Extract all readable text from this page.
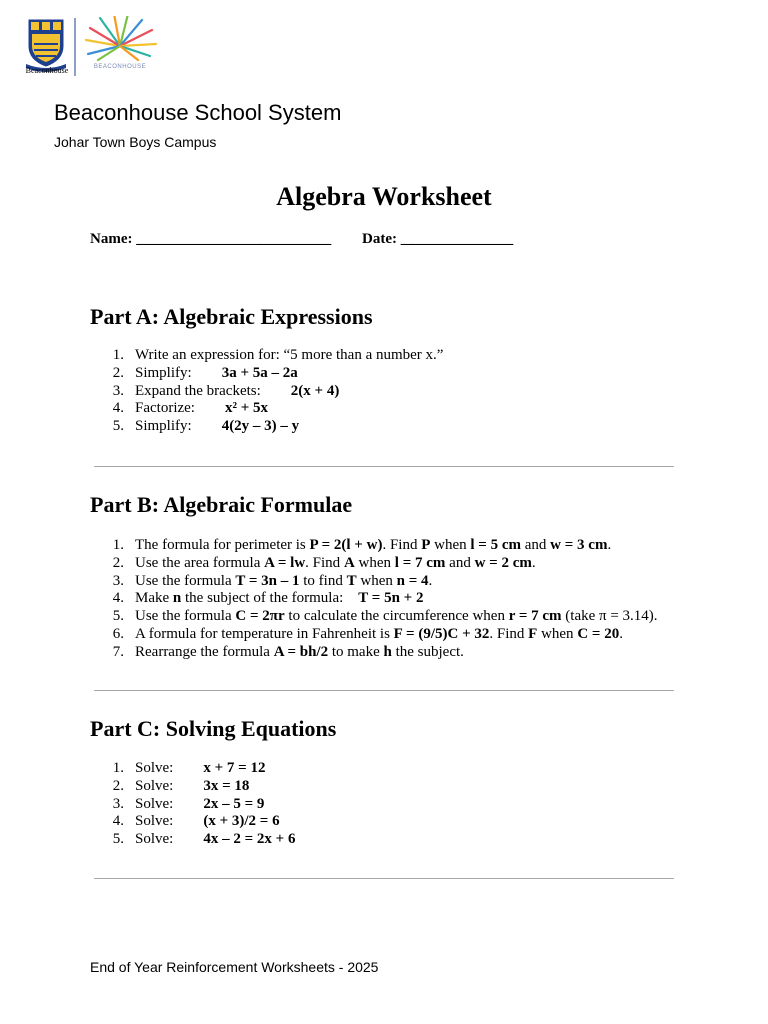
Beaconhouse	BEACONHOUSE
Beaconhouse School System
Johar Town Boys Campus
Algebra Worksheet
Name: __________________________ Date: _______________
Part A: Algebraic Expressions
1. Write an expression for: “5 more than a number x.”
2. Simplify: 3a + 5a – 2a
3. Expand the brackets: 2(x + 4)
4. Factorize: x² + 5x
5. Simplify: 4(2y – 3) – y
Part B: Algebraic Formulae
1. The formula for perimeter is P = 2(l + w). Find P when l = 5 cm and w = 3 cm.
2. Use the area formula A = lw. Find A when l = 7 cm and w = 2 cm.
3. Use the formula T = 3n – 1 to find T when n = 4.
4. Make n the subject of the formula:    T = 5n + 2
5. Use the formula C = 2πr to calculate the circumference when r = 7 cm (take π = 3.14).
6. A formula for temperature in Fahrenheit is F = (9/5)C + 32. Find F when C = 20.
7. Rearrange the formula A = bh/2 to make h the subject.
Part C: Solving Equations
1. Solve: x + 7 = 12
2. Solve: 3x = 18
3. Solve: 2x – 5 = 9
4. Solve: (x + 3)/2 = 6
5. Solve: 4x – 2 = 2x + 6
End of Year Reinforcement Worksheets - 2025
